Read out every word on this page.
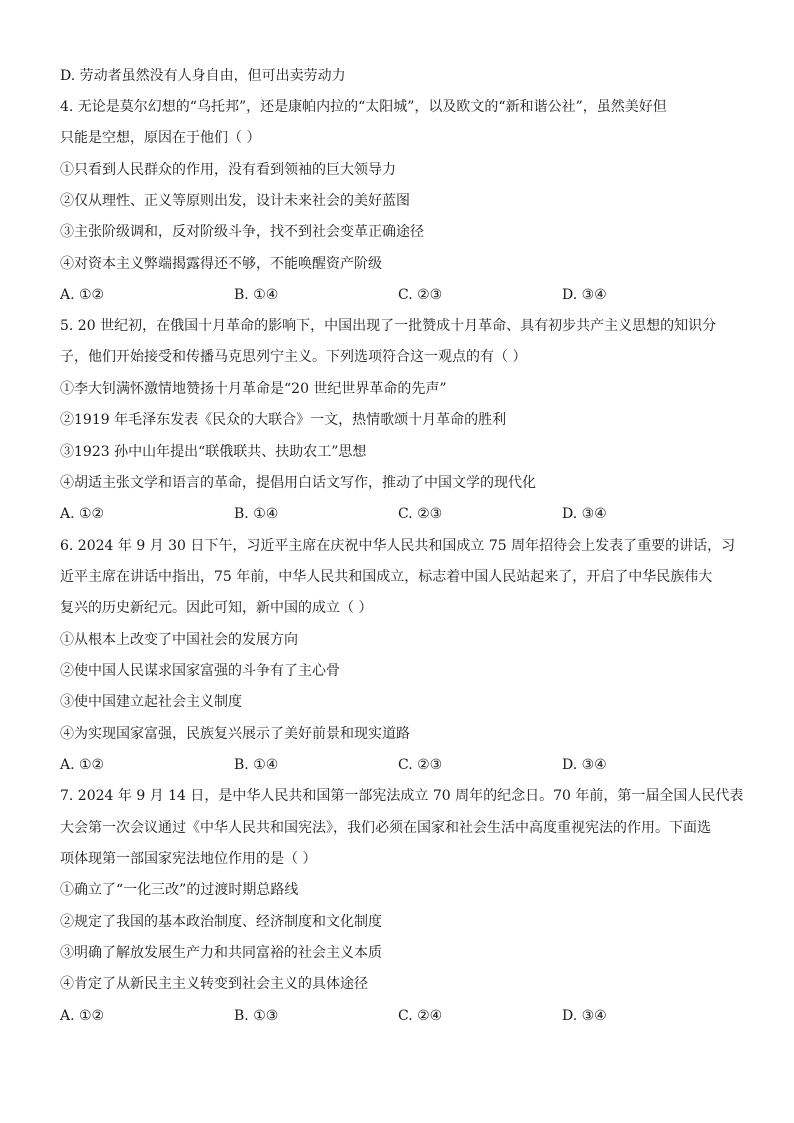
D. 劳动者虽然没有人身自由，但可出卖劳动力
4. 无论是莫尔幻想的“乌托邦”，还是康帕内拉的“太阳城”，以及欧文的“新和谐公社”，虽然美好但
只能是空想，原因在于他们（ ）
①只看到人民群众的作用，没有看到领袖的巨大领导力
②仅从理性、正义等原则出发，设计未来社会的美好蓝图
③主张阶级调和，反对阶级斗争，找不到社会变革正确途径
④对资本主义弊端揭露得还不够，不能唤醒资产阶级
A. ①②	B. ①④	C. ②③	D. ③④
5. 20 世纪初，在俄国十月革命的影响下，中国出现了一批赞成十月革命、具有初步共产主义思想的知识分
子，他们开始接受和传播马克思列宁主义。下列选项符合这一观点的有（ ）
①李大钊满怀激情地赞扬十月革命是“20 世纪世界革命的先声”
②1919 年毛泽东发表《民众的大联合》一文，热情歌颂十月革命的胜利
③1923 孙中山年提出“联俄联共、扶助农工”思想
④胡适主张文学和语言的革命，提倡用白话文写作，推动了中国文学的现代化
A. ①②	B. ①④	C. ②③	D. ③④
6. 2024 年 9 月 30 日下午，习近平主席在庆祝中华人民共和国成立 75 周年招待会上发表了重要的讲话，习
近平主席在讲话中指出，75 年前，中华人民共和国成立，标志着中国人民站起来了，开启了中华民族伟大
复兴的历史新纪元。因此可知，新中国的成立（ ）
①从根本上改变了中国社会的发展方向
②使中国人民谋求国家富强的斗争有了主心骨
③使中国建立起社会主义制度
④为实现国家富强，民族复兴展示了美好前景和现实道路
A. ①②	B. ①④	C. ②③	D. ③④
7. 2024 年 9 月 14 日，是中华人民共和国第一部宪法成立 70 周年的纪念日。70 年前，第一届全国人民代表
大会第一次会议通过《中华人民共和国宪法》，我们必须在国家和社会生活中高度重视宪法的作用。下面选
项体现第一部国家宪法地位作用的是（ ）
①确立了“一化三改”的过渡时期总路线
②规定了我国的基本政治制度、经济制度和文化制度
③明确了解放发展生产力和共同富裕的社会主义本质
④肯定了从新民主主义转变到社会主义的具体途径
A. ①②	B. ①③	C. ②④	D. ③④
